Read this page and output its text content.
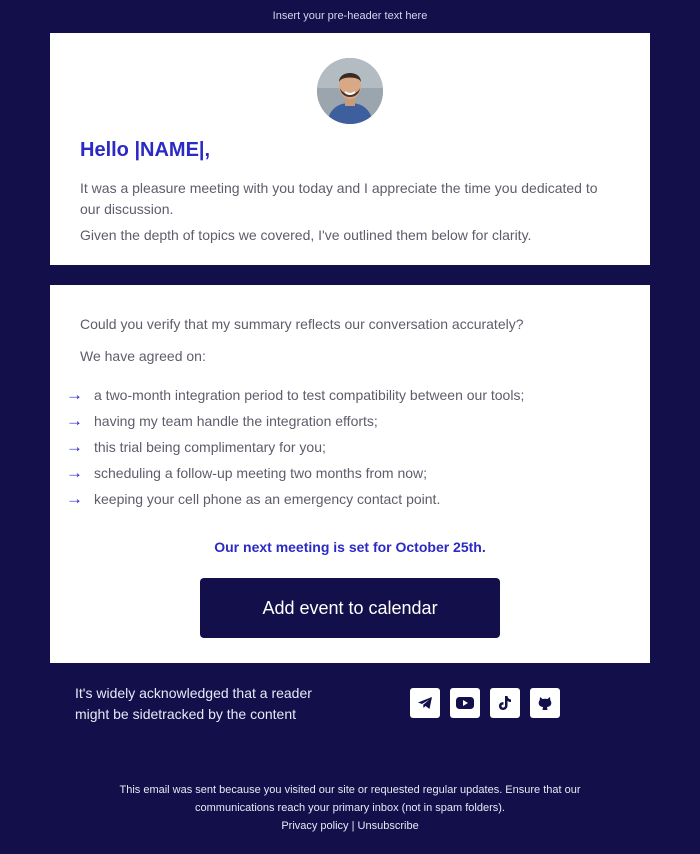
Insert your pre-header text here
Hello |NAME|,

It was a pleasure meeting with you today and I appreciate the time you dedicated to our discussion.

Given the depth of topics we covered, I've outlined them below for clarity.

Could you verify that my summary reflects our conversation accurately?

We have agreed on:

→ a two-month integration period to test compatibility between our tools;
→ having my team handle the integration efforts;
→ this trial being complimentary for you;
→ scheduling a follow-up meeting two months from now;
→ keeping your cell phone as an emergency contact point.

Our next meeting is set for October 25th.

Add event to calendar
It's widely acknowledged that a reader might be sidetracked by the content
This email was sent because you visited our site or requested regular updates. Ensure that our communications reach your primary inbox (not in spam folders).
Privacy policy | Unsubscribe
